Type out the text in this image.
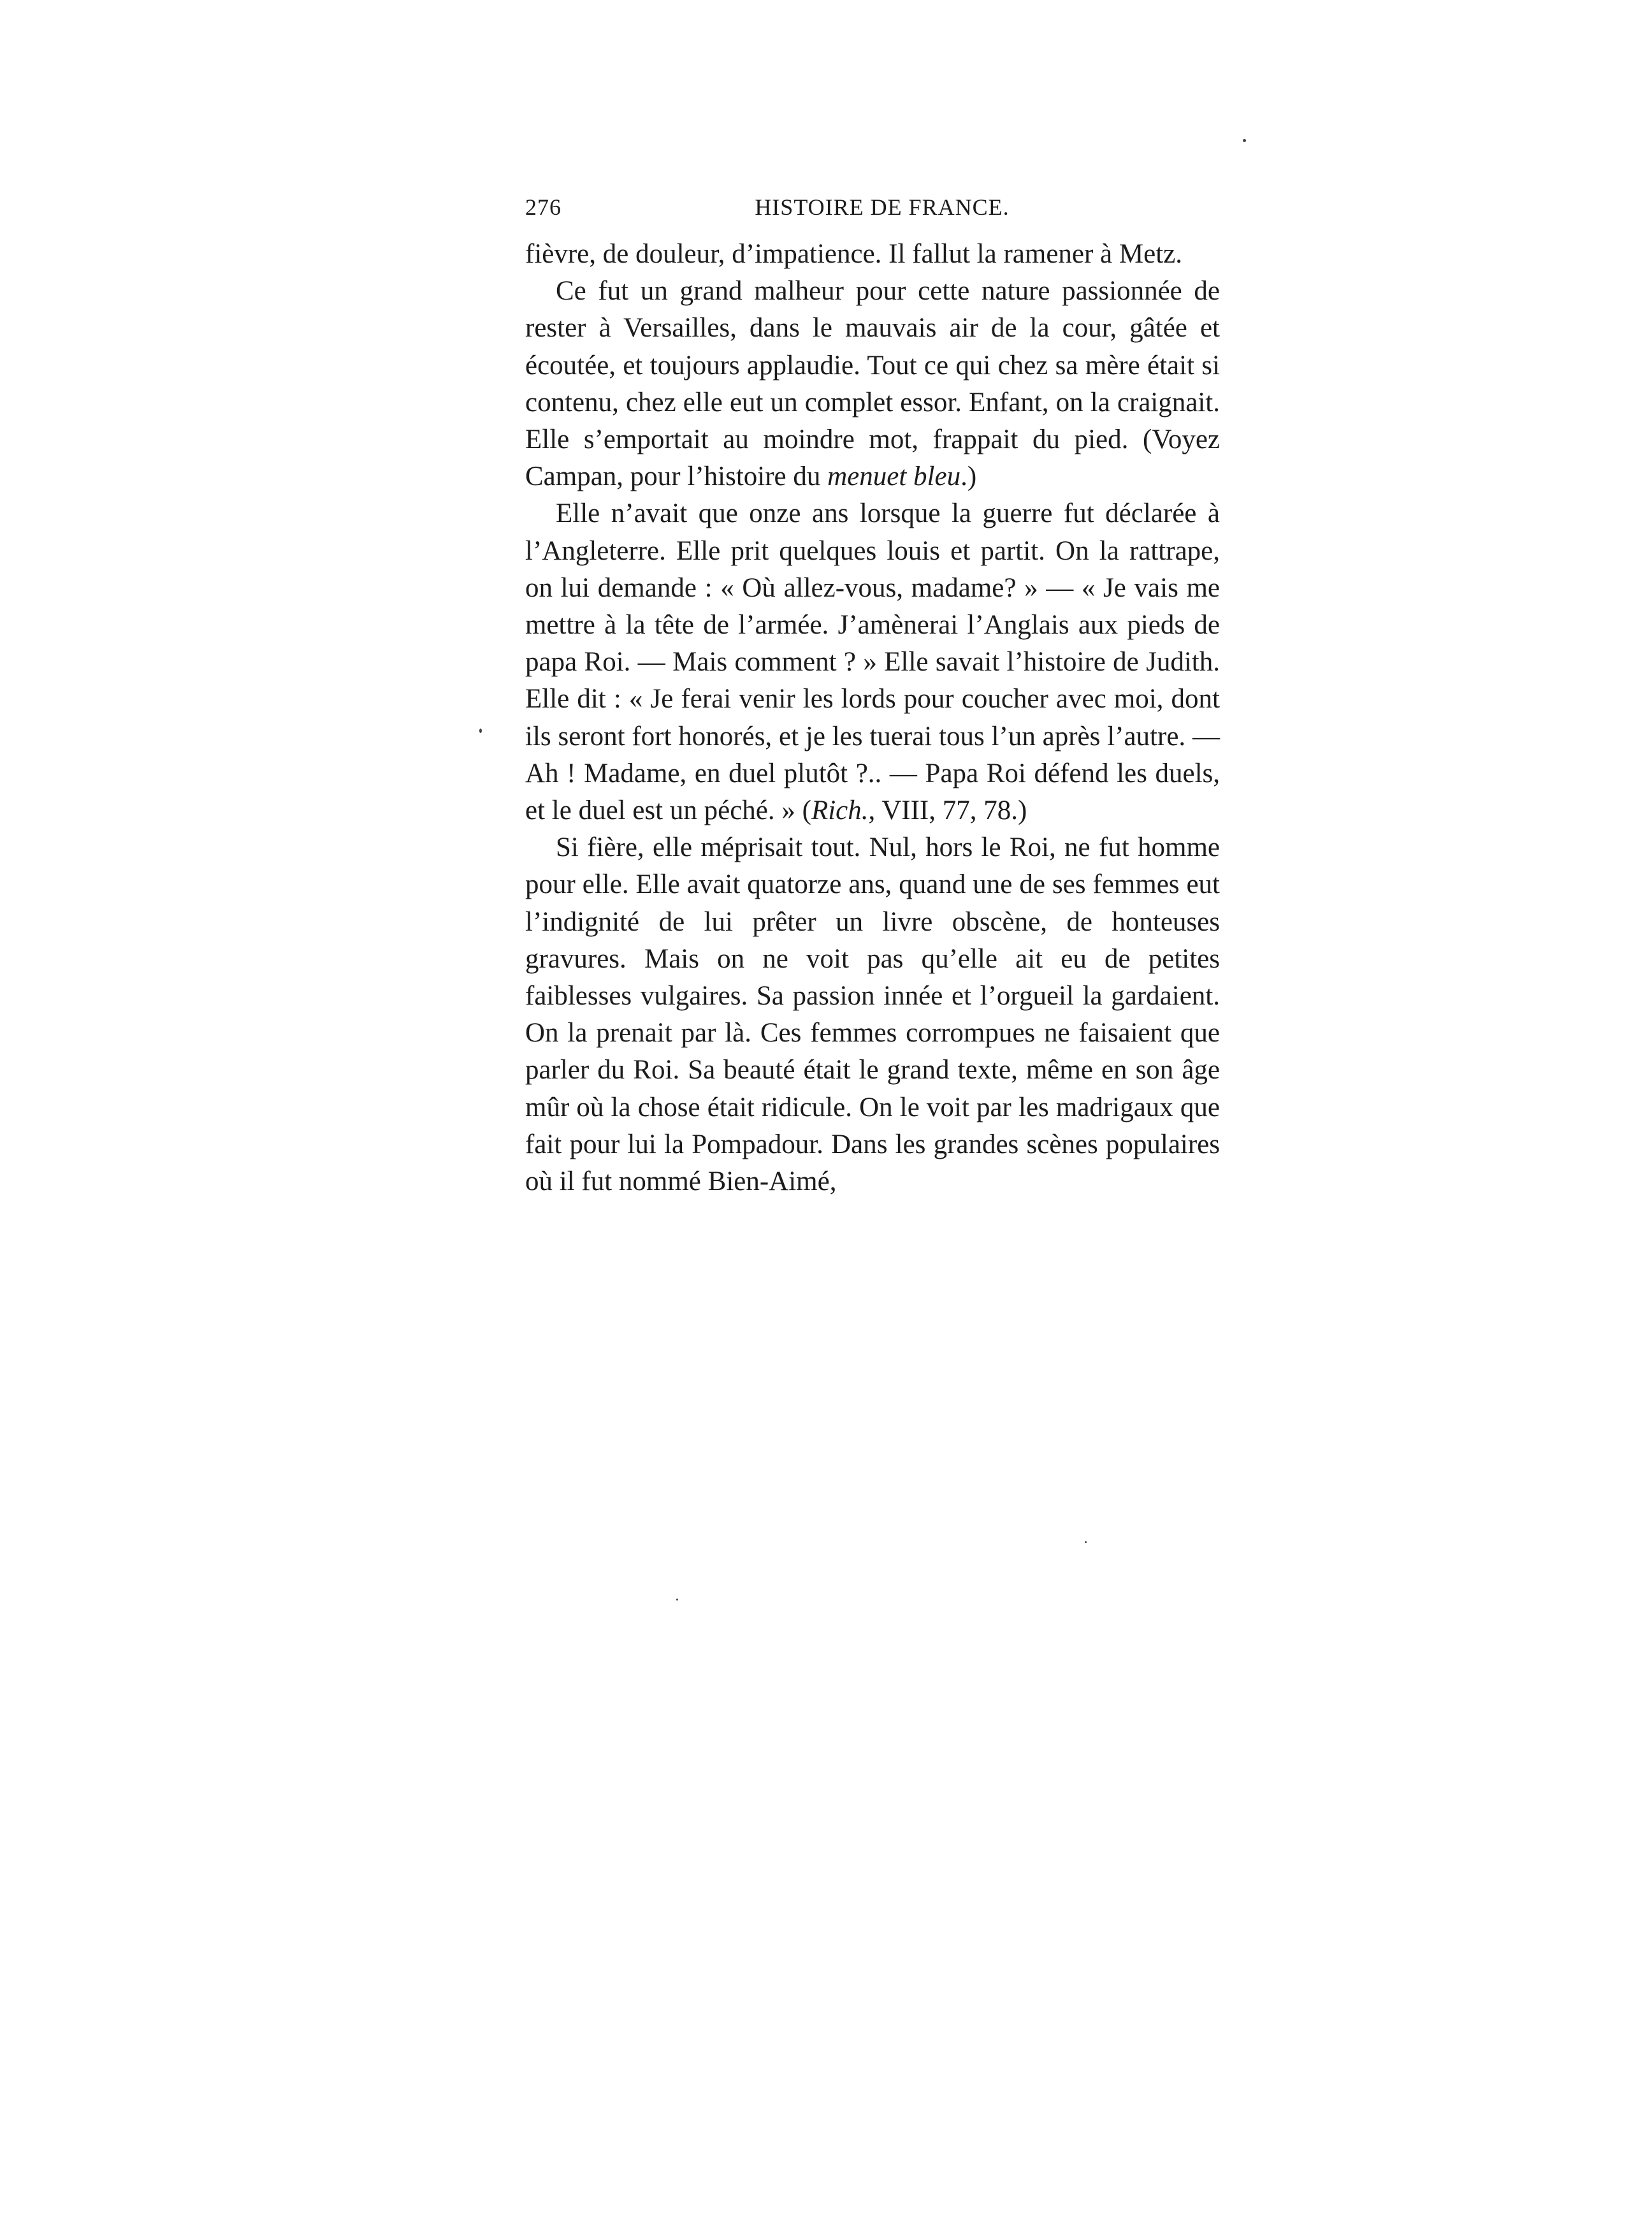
276	HISTOIRE DE FRANCE.

fièvre, de douleur, d’impatience. Il fallut la ramener à Metz.

Ce fut un grand malheur pour cette nature passionnée de rester à Versailles, dans le mauvais air de la cour, gâtée et écoutée, et toujours applaudie. Tout ce qui chez sa mère était si contenu, chez elle eut un complet essor. Enfant, on la craignait. Elle s’emportait au moindre mot, frappait du pied. (Voyez Campan, pour l’histoire du menuet bleu.)

Elle n’avait que onze ans lorsque la guerre fut déclarée à l’Angleterre. Elle prit quelques louis et partit. On la rattrape, on lui demande : « Où allez-vous, madame? » — « Je vais me mettre à la tête de l’armée. J’amènerai l’Anglais aux pieds de papa Roi. — Mais comment ? » Elle savait l’histoire de Judith. Elle dit : « Je ferai venir les lords pour coucher avec moi, dont ils seront fort honorés, et je les tuerai tous l’un après l’autre. — Ah ! Madame, en duel plutôt ?.. — Papa Roi défend les duels, et le duel est un péché. » (Rich., VIII, 77, 78.)

Si fière, elle méprisait tout. Nul, hors le Roi, ne fut homme pour elle. Elle avait quatorze ans, quand une de ses femmes eut l’indignité de lui prêter un livre obscène, de honteuses gravures. Mais on ne voit pas qu’elle ait eu de petites faiblesses vulgaires. Sa passion innée et l’orgueil la gardaient. On la prenait par là. Ces femmes corrompues ne faisaient que parler du Roi. Sa beauté était le grand texte, même en son âge mûr où la chose était ridicule. On le voit par les madrigaux que fait pour lui la Pompadour. Dans les grandes scènes populaires où il fut nommé Bien-Aimé,
